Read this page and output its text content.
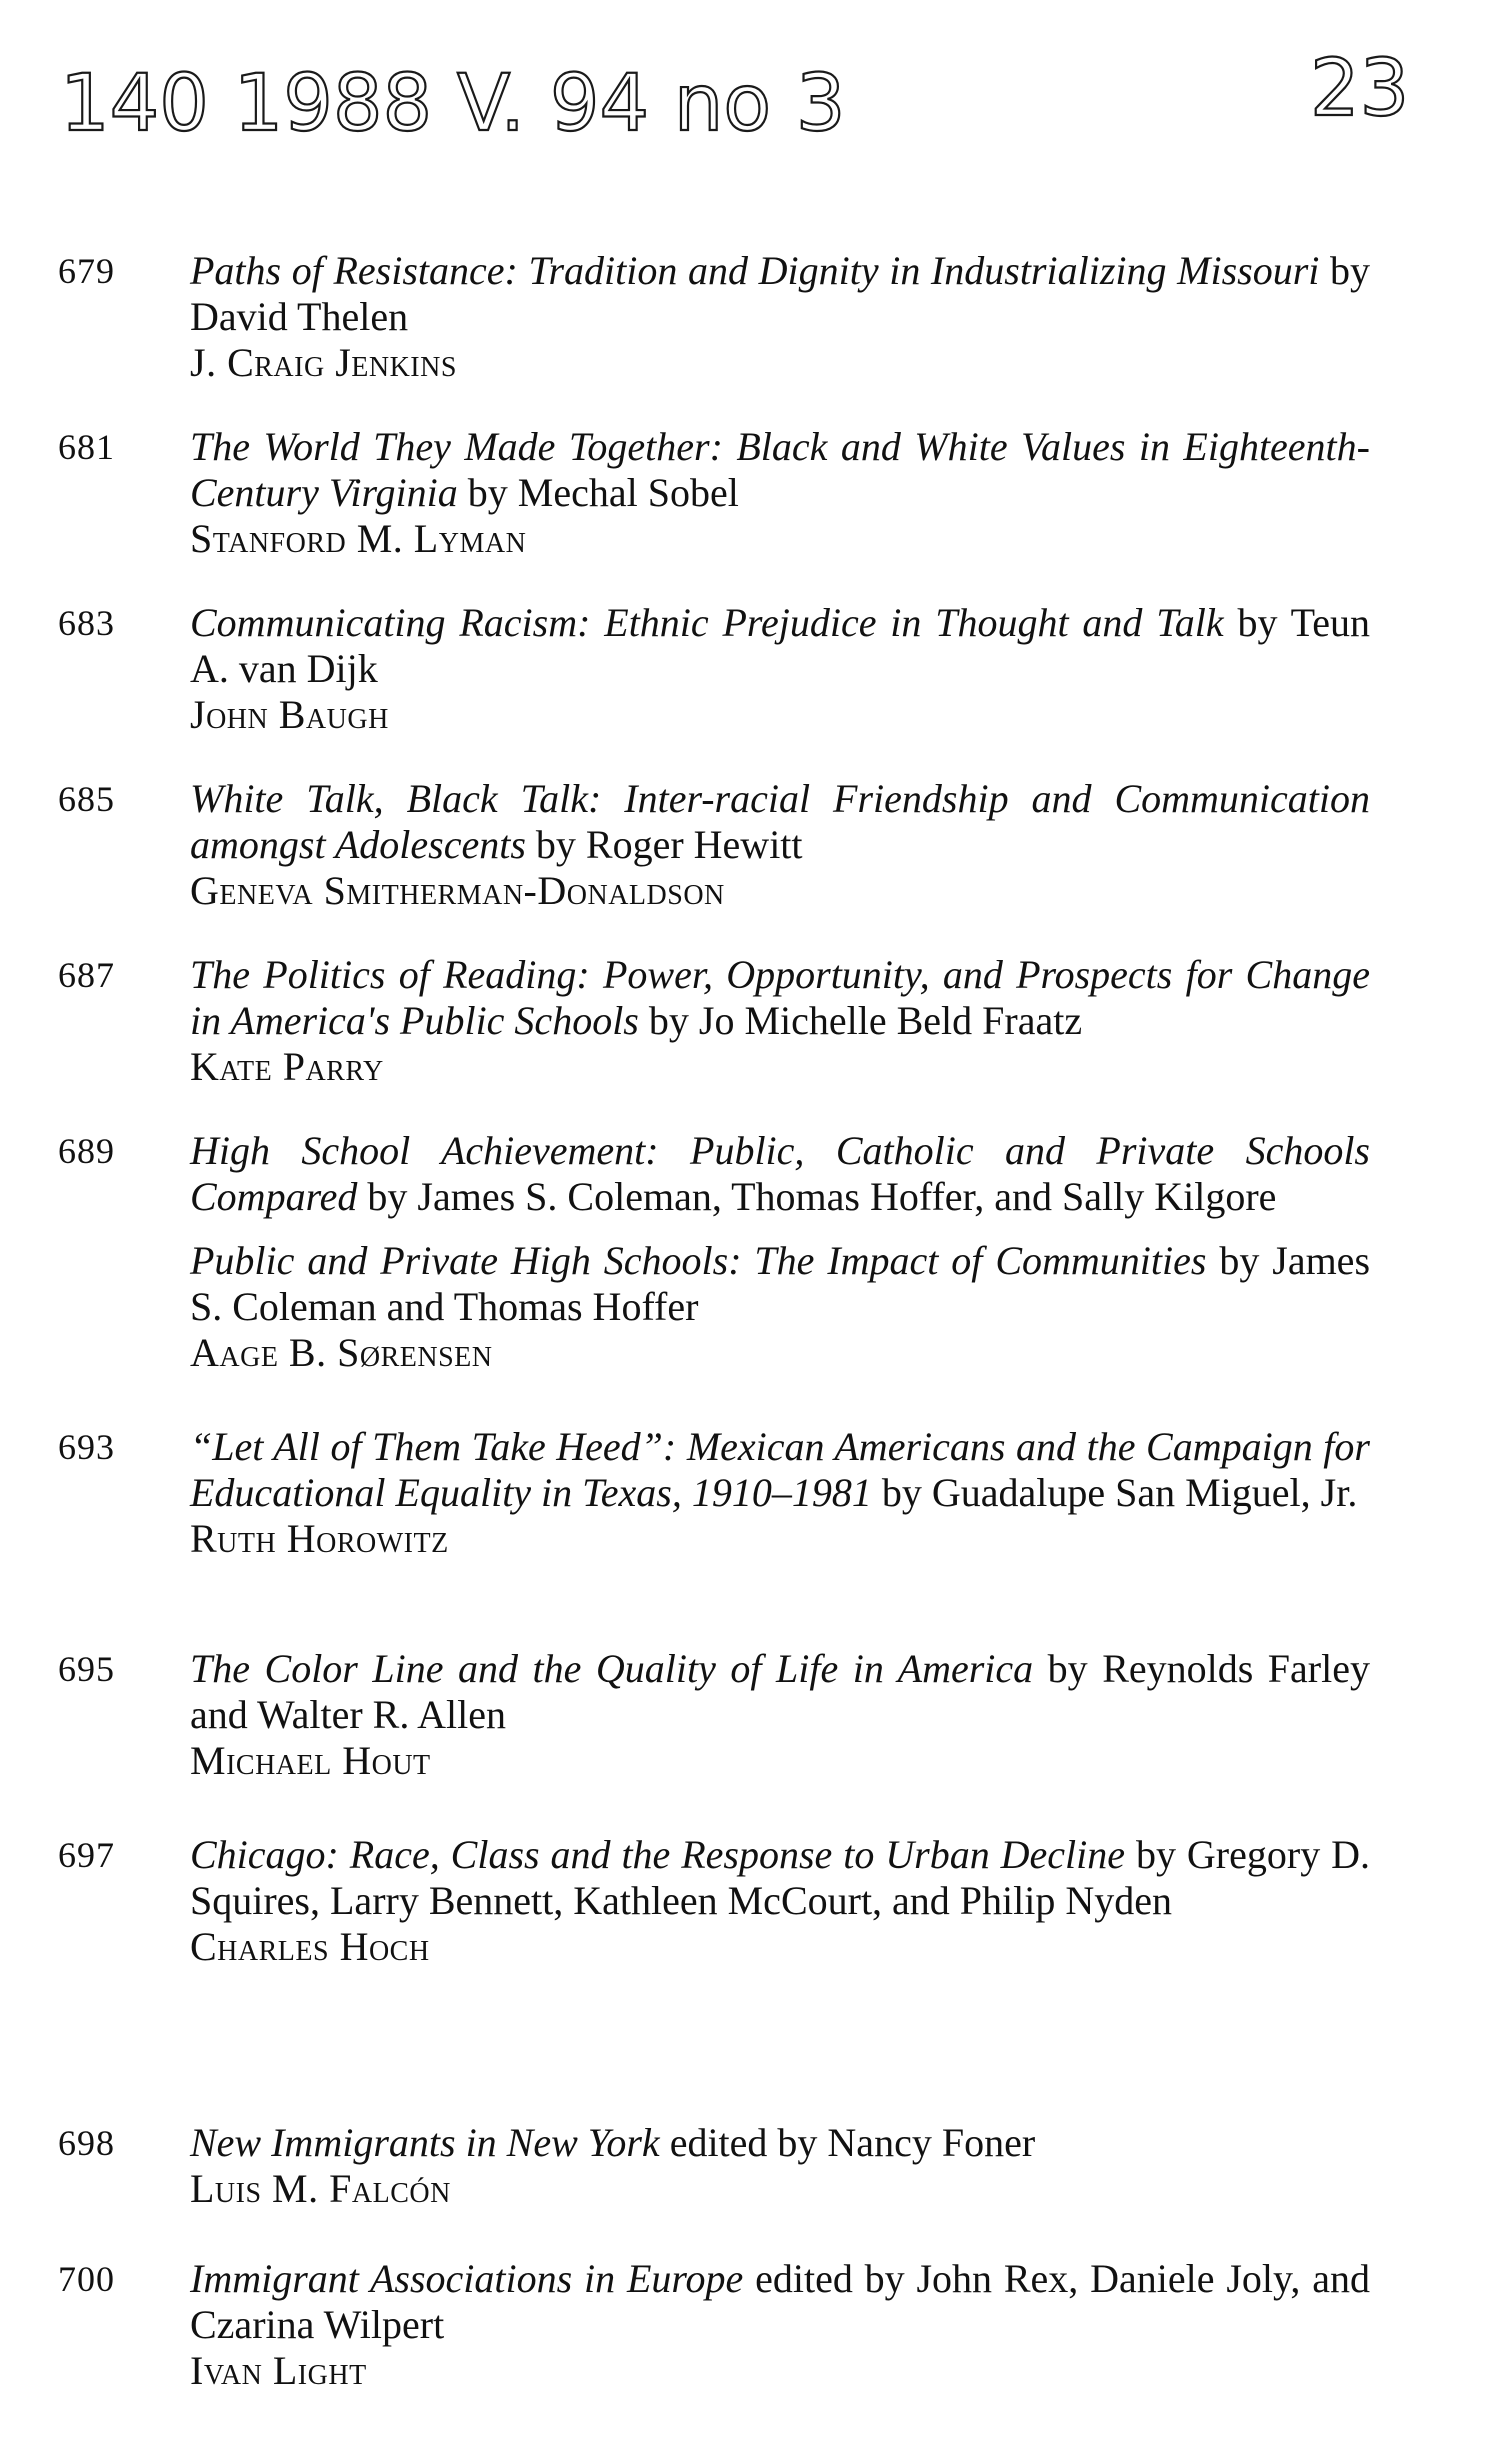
140 1988 V. 94 no 3	23
679	Paths of Resistance: Tradition and Dignity in Industrializing Missouri by David Thelen

J. Craig Jenkins

681	The World They Made Together: Black and White Values in Eighteenth-Century Virginia by Mechal Sobel

Stanford M. Lyman

683	Communicating Racism: Ethnic Prejudice in Thought and Talk by Teun A. van Dijk

John Baugh

685	White Talk, Black Talk: Inter-racial Friendship and Communication amongst Adolescents by Roger Hewitt

Geneva Smitherman-Donaldson

687	The Politics of Reading: Power, Opportunity, and Prospects for Change in America's Public Schools by Jo Michelle Beld Fraatz

Kate Parry

689	High School Achievement: Public, Catholic and Private Schools Compared by James S. Coleman, Thomas Hoffer, and Sally Kilgore

Public and Private High Schools: The Impact of Communities by James S. Coleman and Thomas Hoffer

Aage B. Sørensen

693	“Let All of Them Take Heed”: Mexican Americans and the Campaign for Educational Equality in Texas, 1910–1981 by Guadalupe San Miguel, Jr.

Ruth Horowitz

695	The Color Line and the Quality of Life in America by Reynolds Farley and Walter R. Allen

Michael Hout

697	Chicago: Race, Class and the Response to Urban Decline by Gregory D. Squires, Larry Bennett, Kathleen McCourt, and Philip Nyden

Charles Hoch

698	New Immigrants in New York edited by Nancy Foner

Luis M. Falcón

700	Immigrant Associations in Europe edited by John Rex, Daniele Joly, and Czarina Wilpert

Ivan Light
